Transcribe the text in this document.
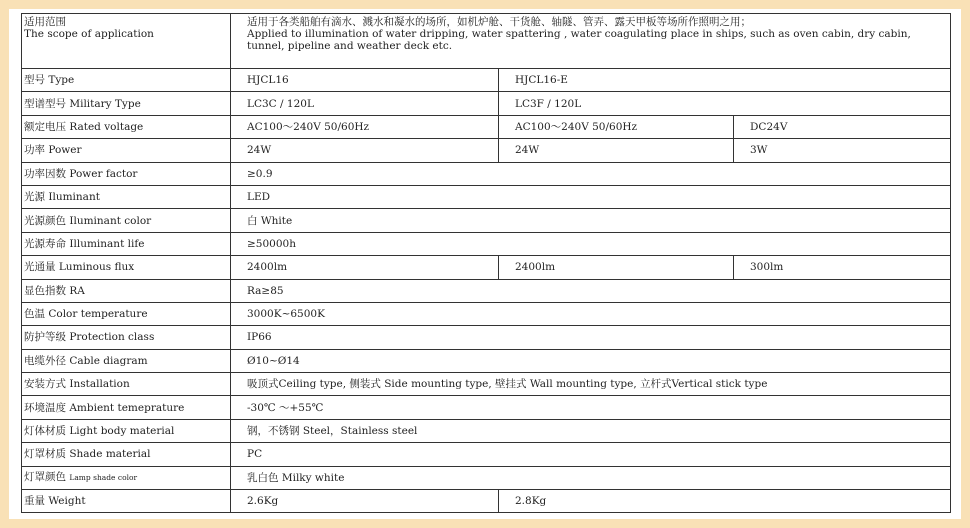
适用范围
The scope of application	适用于各类船舶有滴水、溅水和凝水的场所，如机炉舱、干货舱、轴隧、管弄、露天甲板等场所作照明之用；
Applied to illumination of water dripping, water spattering , water coagulating place in ships, such as oven cabin, dry cabin,
tunnel, pipeline and weather deck etc.		

型号 Type	HJCL16	HJCL16-E	
型谱型号 Military Type	LC3C / 120L	LC3F / 120L	
额定电压 Rated voltage	AC100～240V 50/60Hz	AC100～240V 50/60Hz	DC24V
功率 Power	24W	24W	3W
功率因数 Power factor	≥0.9		
光源 Iluminant	LED		
光源颜色 Iluminant color	白 White		
光源寿命 Illuminant life	≥50000h		
光通量 Luminous flux	2400lm	2400lm	300lm
显色指数 RA	Ra≥85		
色温 Color temperature	3000K~6500K		
防护等级 Protection class	IP66		
电缆外径 Cable diagram	Ø10~Ø14		
安装方式 Installation	吸顶式Ceiling type, 侧装式 Side mounting type, 壁挂式 Wall mounting type, 立杆式Vertical stick type		
环境温度 Ambient temeprature	-30℃ ～+55℃		
灯体材质 Light body material	钢，不锈钢 Steel，Stainless steel		
灯罩材质 Shade material	PC		
灯罩颜色 Lamp shade color	乳白色 Milky white		
重量 Weight	2.6Kg	2.8Kg	
